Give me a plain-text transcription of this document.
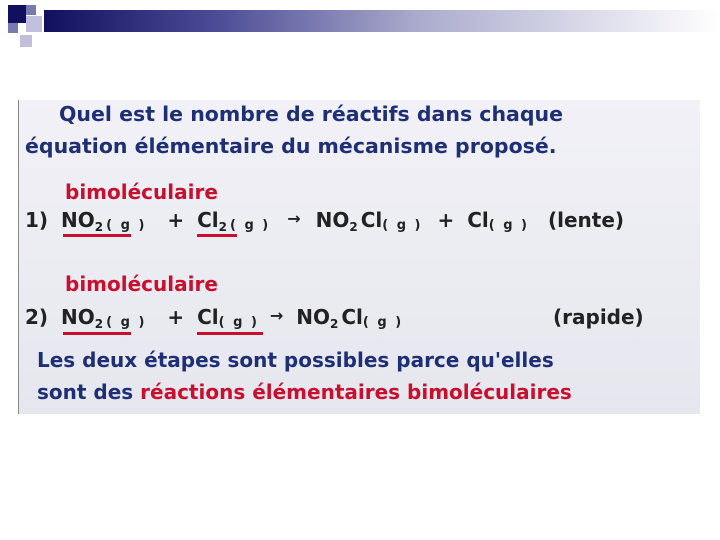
Quel est le nombre de réactifs dans chaque
équation élémentaire du mécanisme proposé.
bimoléculaire
1) NO2( g ) + Cl2( g ) → NO2Cl( g ) + Cl( g ) (lente)
bimoléculaire
2) NO2( g ) + Cl( g ) → NO2Cl( g )	(rapide)
Les deux étapes sont possibles parce qu'elles
sont des réactions élémentaires bimoléculaires
